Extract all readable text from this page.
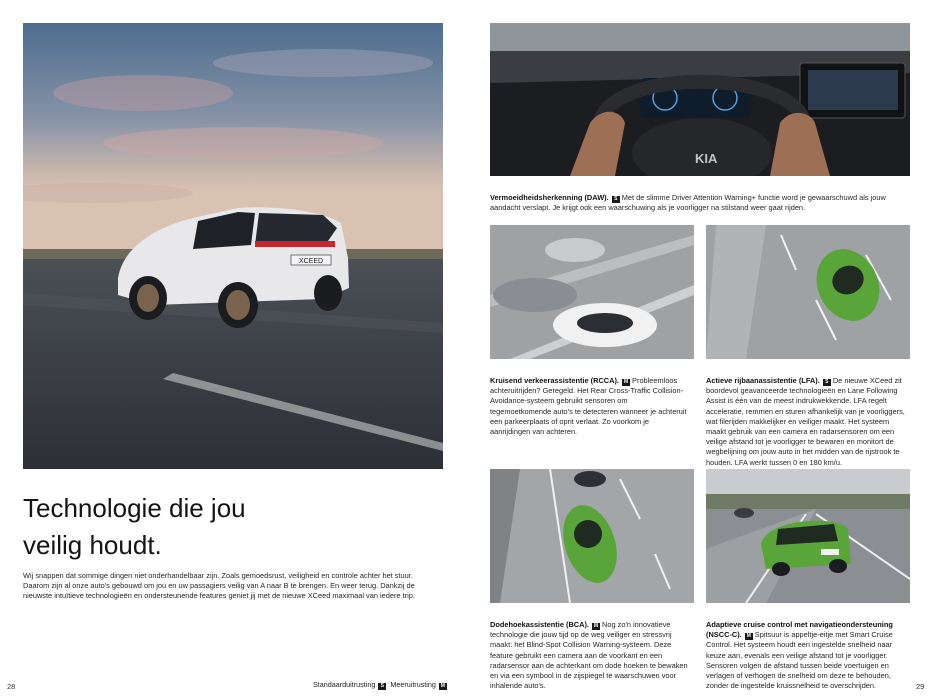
XCEED
Technologie die jou
veilig houdt.
Wij snappen dat sommige dingen niet onderhandelbaar zijn. Zoals gemoedsrust, veiligheid en controle achter het stuur. Daarom zijn al onze auto's gebouwd om jou en uw passagiers veilig van A naar B te brengen. En weer terug. Dankzij de nieuwste intuïtieve technologieën en ondersteunende features geniet jij met de nieuwe XCeed maximaal van iedere trip.
28	Standaarduitrusting S Meeruitrusting M
KIA
Vermoeidheidsherkenning (DAW). S Met de slimme Driver Attention Warning+ functie word je gewaarschuwd als jouw aandacht verslapt. Je krijgt ook een waarschuwing als je voorligger na stilstand weer gaat rijden.
Kruisend verkeerassistentie (RCCA). M Probleemloos achteruitrijden? Geregeld. Het Rear Cross-Traffic Collision-Avoidance-systeem gebruikt sensoren om tegemoetkomende auto's te detecteren wanneer je achteruit een parkeerplaats of oprit verlaat. Zo voorkom je aanrijdingen van achteren.
Actieve rijbaanassistentie (LFA). S De nieuwe XCeed zit boordevol geavanceerde technologieën en Lane Following Assist is één van de meest indrukwekkende. LFA regelt acceleratie, remmen en sturen afhankelijk van je voorliggers, wat filerijden makkelijker en veiliger maakt. Het systeem maakt gebruik van een camera en radarsensoren om een veilige afstand tot je voorligger te bewaren en monitort de wegbelijning om jouw auto in het midden van de rijstrook te houden. LFA werkt tussen 0 en 180 km/u.
Dodehoekassistentie (BCA). M Nog zo'n innovatieve technologie die jouw tijd op de weg veiliger en stressvrij maakt: het Blind-Spot Collision Warning-systeem. Deze feature gebruikt een camera aan de voorkant en een radarsensor aan de achterkant om dode hoeken te bewaken en via een symbool in de zijspiegel te waarschuwen voor inhalende auto's.
Adaptieve cruise control met navigatieondersteuning (NSCC-C). M Spitsuur is appeltje-eitje met Smart Cruise Control. Het systeem houdt een ingestelde snelheid naar keuze aan, evenals een veilige afstand tot je voorligger. Sensoren volgen de afstand tussen beide voertuigen en verlagen of verhogen de snelheid om deze te behouden, zonder de ingestelde kruissnelheid te overschrijden.	29
